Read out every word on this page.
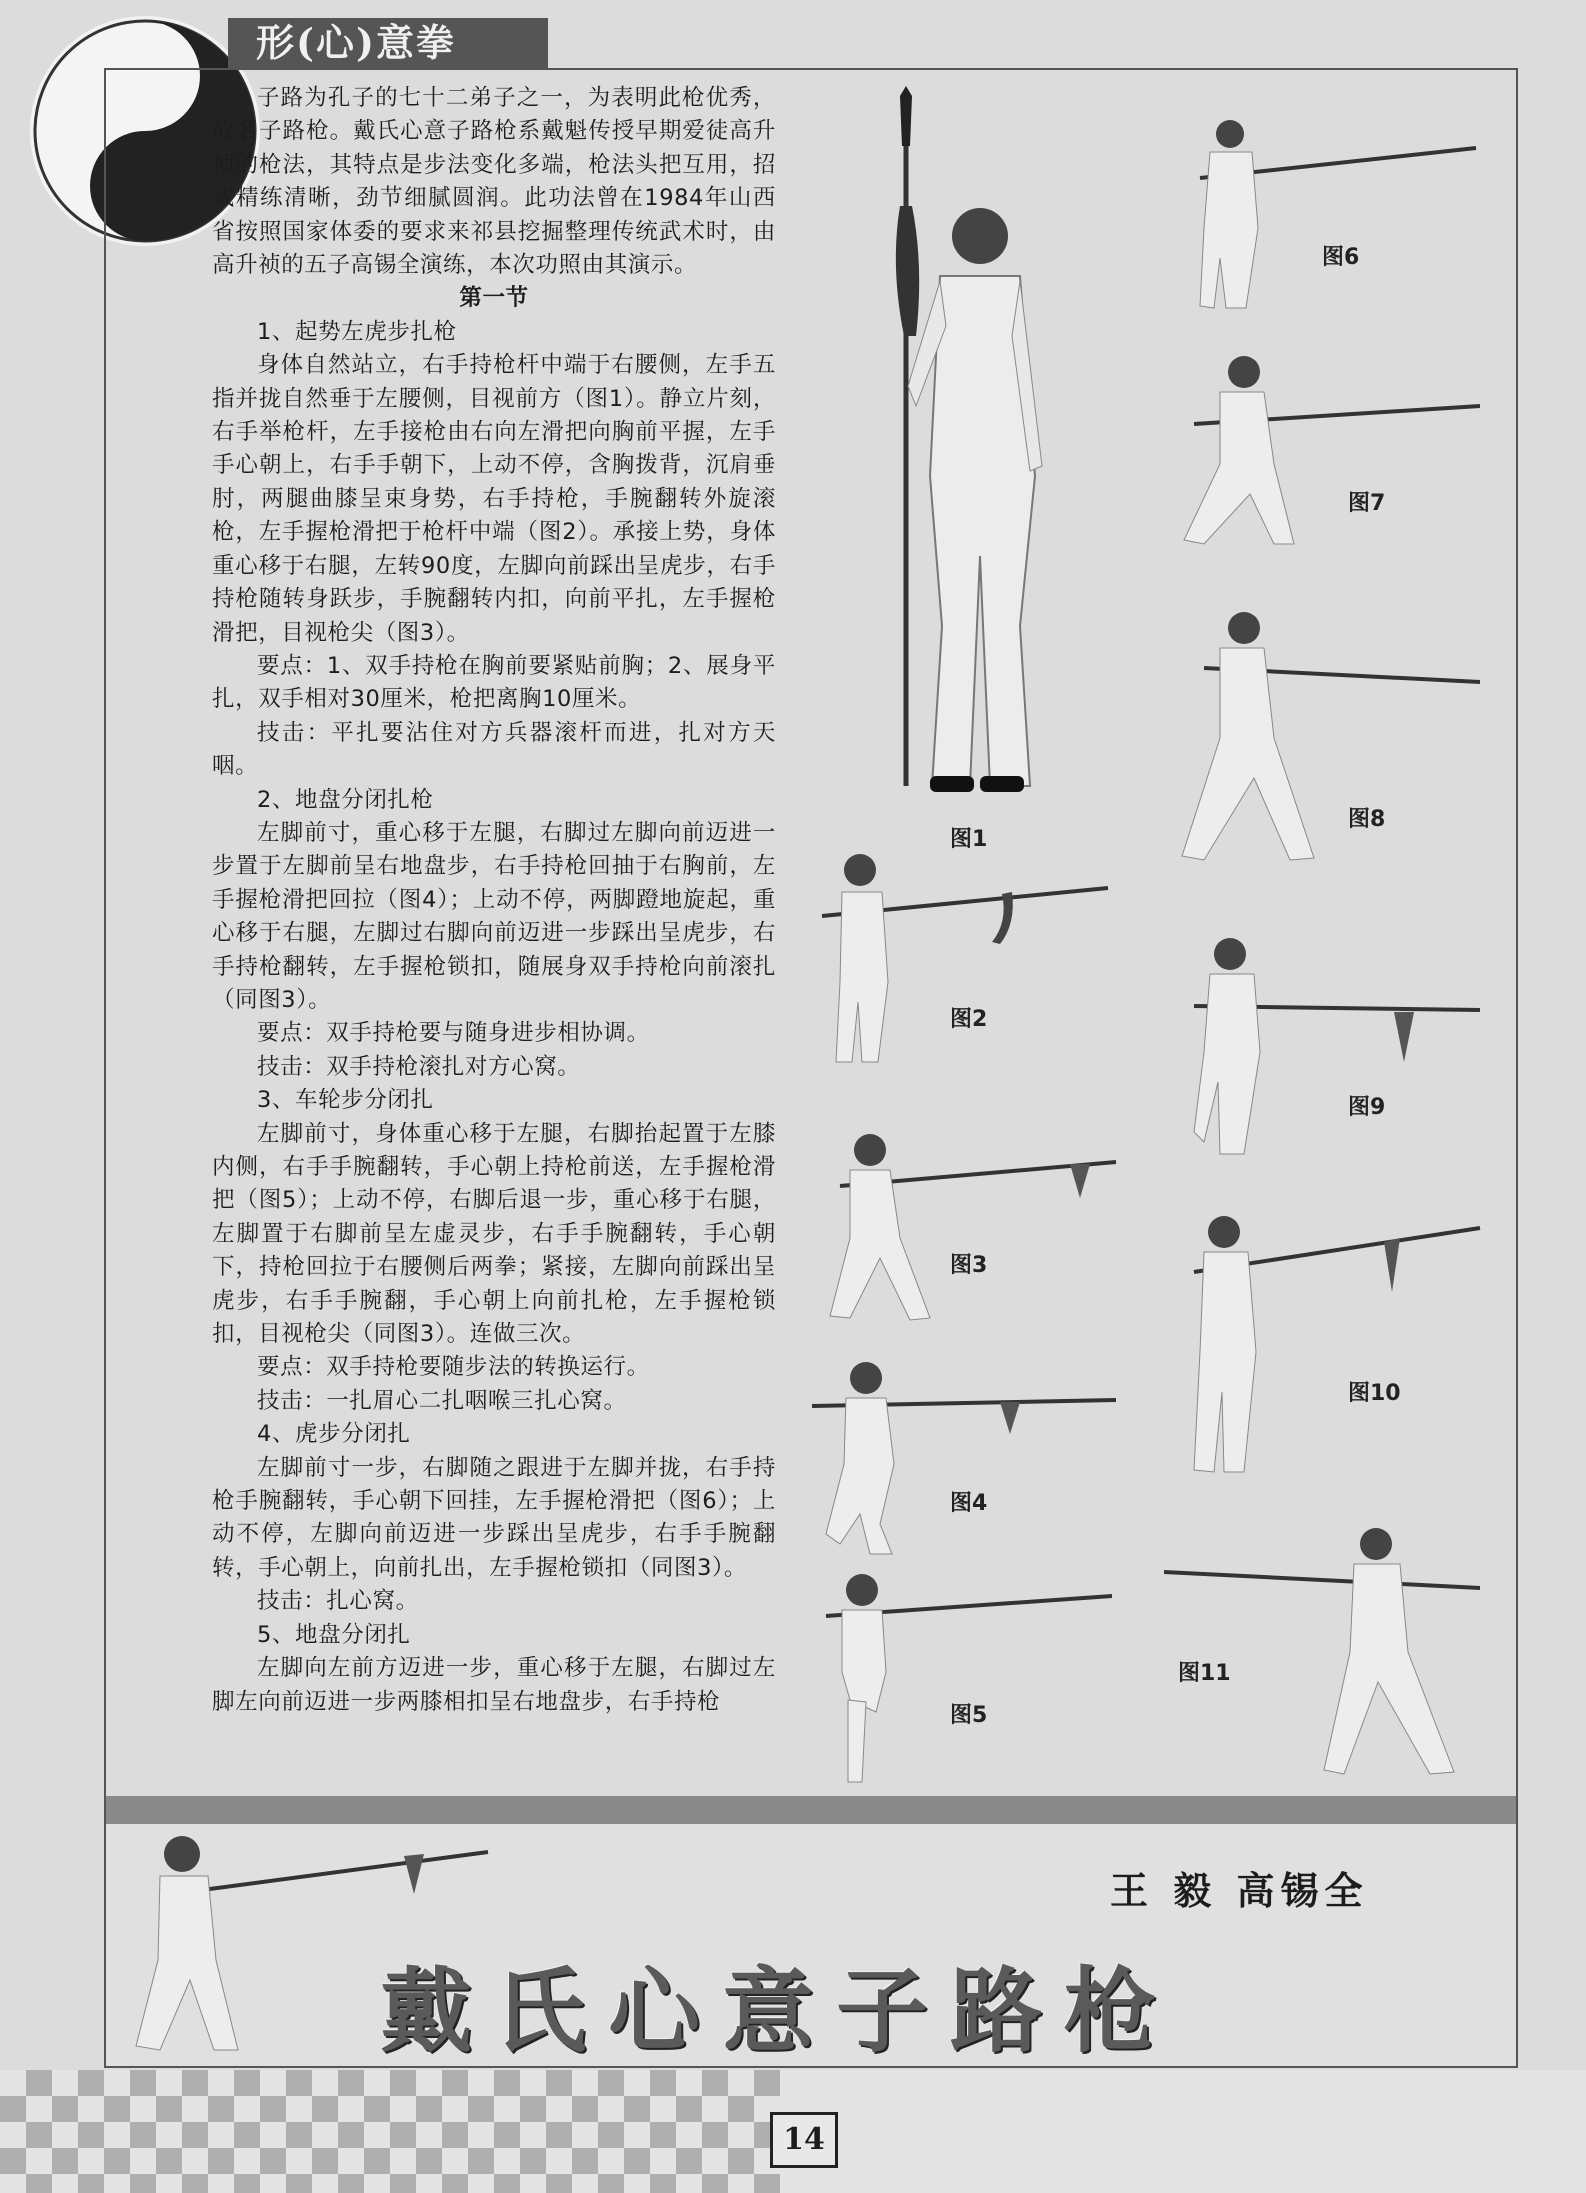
形(心)意拳

子路为孔子的七十二弟子之一，为表明此枪优秀，故名子路枪。戴氏心意子路枪系戴魁传授早期爱徒高升祯的枪法，其特点是步法变化多端，枪法头把互用，招式精练清晰，劲节细腻圆润。此功法曾在1984年山西省按照国家体委的要求来祁县挖掘整理传统武术时，由高升祯的五子高锡全演练，本次功照由其演示。

第一节

1、起势左虎步扎枪

身体自然站立，右手持枪杆中端于右腰侧，左手五指并拢自然垂于左腰侧，目视前方（图1）。静立片刻，右手举枪杆，左手接枪由右向左滑把向胸前平握，左手手心朝上，右手手朝下，上动不停，含胸拨背，沉肩垂肘，两腿曲膝呈束身势，右手持枪，手腕翻转外旋滚枪，左手握枪滑把于枪杆中端（图2）。承接上势，身体重心移于右腿，左转90度，左脚向前踩出呈虎步，右手持枪随转身跃步，手腕翻转内扣，向前平扎，左手握枪滑把，目视枪尖（图3）。

要点：1、双手持枪在胸前要紧贴前胸；2、展身平扎，双手相对30厘米，枪把离胸10厘米。

技击：平扎要沾住对方兵器滚杆而进，扎对方天咽。

2、地盘分闭扎枪

左脚前寸，重心移于左腿，右脚过左脚向前迈进一步置于左脚前呈右地盘步，右手持枪回抽于右胸前，左手握枪滑把回拉（图4）；上动不停，两脚蹬地旋起，重心移于右腿，左脚过右脚向前迈进一步踩出呈虎步，右手持枪翻转，左手握枪锁扣，随展身双手持枪向前滚扎（同图3）。

要点：双手持枪要与随身进步相协调。

技击：双手持枪滚扎对方心窝。

3、车轮步分闭扎

左脚前寸，身体重心移于左腿，右脚抬起置于左膝内侧，右手手腕翻转，手心朝上持枪前送，左手握枪滑把（图5）；上动不停，右脚后退一步，重心移于右腿，左脚置于右脚前呈左虚灵步，右手手腕翻转，手心朝下，持枪回拉于右腰侧后两拳；紧接，左脚向前踩出呈虎步，右手手腕翻，手心朝上向前扎枪，左手握枪锁扣，目视枪尖（同图3）。连做三次。

要点：双手持枪要随步法的转换运行。

技击：一扎眉心二扎咽喉三扎心窝。

4、虎步分闭扎

左脚前寸一步，右脚随之跟进于左脚并拢，右手持枪手腕翻转，手心朝下回挂，左手握枪滑把（图6）；上动不停，左脚向前迈进一步踩出呈虎步，右手手腕翻转，手心朝上，向前扎出，左手握枪锁扣（同图3）。

技击：扎心窝。

5、地盘分闭扎

左脚向左前方迈进一步，重心移于左腿，右脚过左脚左向前迈进一步两膝相扣呈右地盘步，右手持枪

图1
图2
图3
图4
图5
图6
图7
图8
图9
图10
图11
王 毅 高锡全
戴氏心意子路枪
14
